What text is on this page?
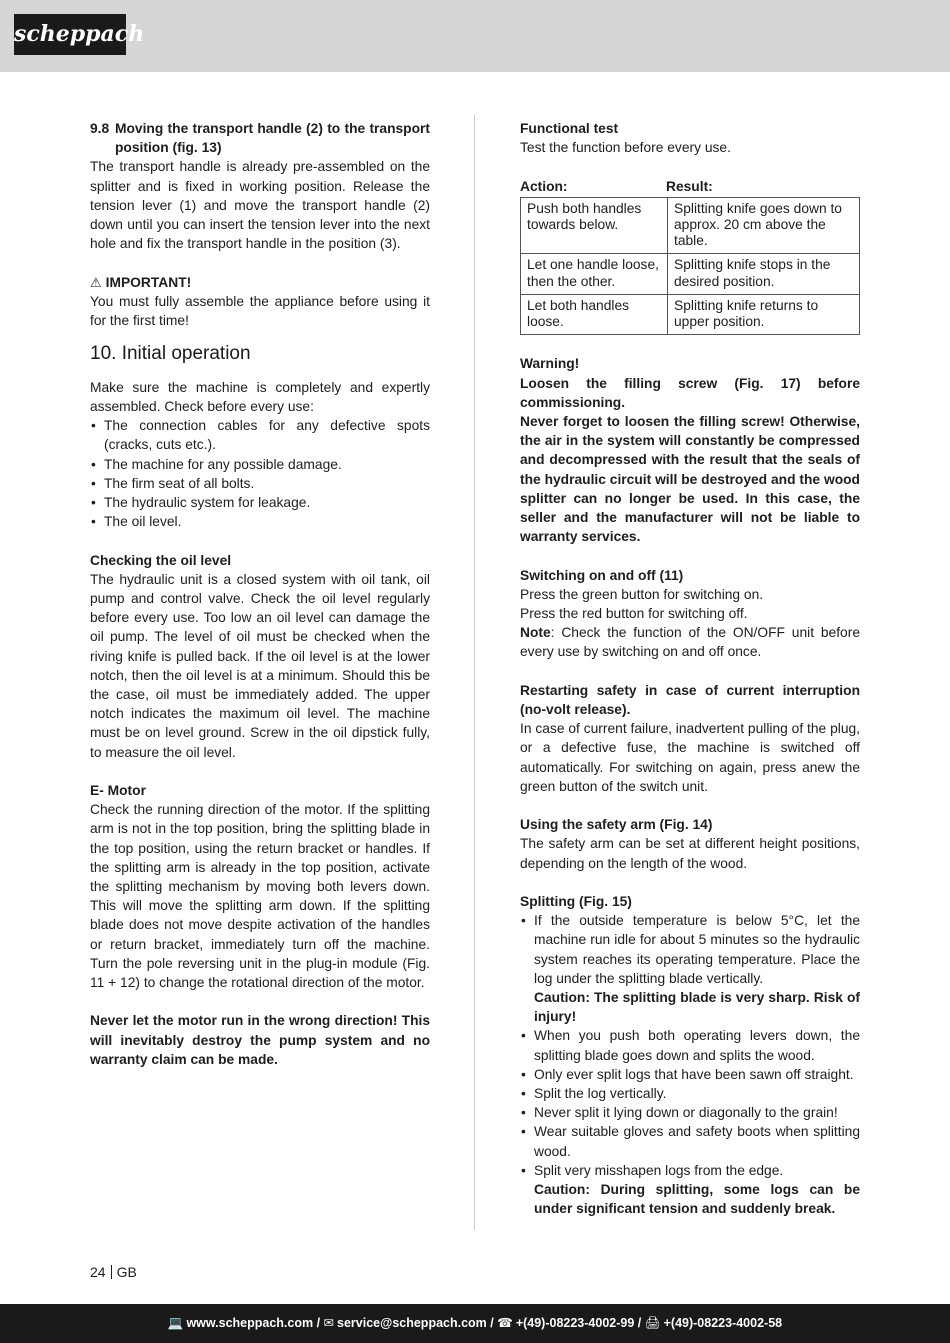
scheppach
9.8 Moving the transport handle (2) to the transport position (fig. 13)

The transport handle is already pre-assembled on the splitter and is fixed in working position. Release the tension lever (1) and move the transport handle (2) down until you can insert the tension lever into the next hole and fix the transport handle in the position (3).

⚠ IMPORTANT!

You must fully assemble the appliance before using it for the first time!

10. Initial operation

Make sure the machine is completely and expertly assembled. Check before every use:

• The connection cables for any defective spots (cracks, cuts etc.).
• The machine for any possible damage.
• The firm seat of all bolts.
• The hydraulic system for leakage.
• The oil level.
Checking the oil level

The hydraulic unit is a closed system with oil tank, oil pump and control valve. Check the oil level regularly before every use. Too low an oil level can damage the oil pump. The level of oil must be checked when the riving knife is pulled back. If the oil level is at the lower notch, then the oil level is at a minimum. Should this be the case, oil must be immediately added. The upper notch indicates the maximum oil level. The machine must be on level ground. Screw in the oil dipstick fully, to measure the oil level.

E- Motor

Check the running direction of the motor. If the splitting arm is not in the top position, bring the splitting blade in the top position, using the return bracket or handles. If the splitting arm is already in the top position, activate the splitting mechanism by moving both levers down. This will move the splitting arm down. If the splitting blade does not move despite activation of the handles or return bracket, immediately turn off the machine. Turn the pole reversing unit in the plug-in module (Fig. 11 + 12) to change the rotational direction of the motor.

Never let the motor run in the wrong direction! This will inevitably destroy the pump system and no warranty claim can be made.

Functional test

Test the function before every use.

Action:	Result:
Push both handles towards below.	Splitting knife goes down to approx. 20 cm above the table.
Let one handle loose, then the other.	Splitting knife stops in the desired position.
Let both handles loose.	Splitting knife returns to upper position.
Warning!

Loosen the filling screw (Fig. 17) before commissioning.

Never forget to loosen the filling screw! Otherwise, the air in the system will constantly be compressed and decompressed with the result that the seals of the hydraulic circuit will be destroyed and the wood splitter can no longer be used. In this case, the seller and the manufacturer will not be liable to warranty services.

Switching on and off (11)

Press the green button for switching on.

Press the red button for switching off.

Note: Check the function of the ON/OFF unit before every use by switching on and off once.

Restarting safety in case of current interruption (no-volt release).

In case of current failure, inadvertent pulling of the plug, or a defective fuse, the machine is switched off automatically. For switching on again, press anew the green button of the switch unit.

Using the safety arm (Fig. 14)

The safety arm can be set at different height positions, depending on the length of the wood.

Splitting (Fig. 15)

• If the outside temperature is below 5°C, let the machine run idle for about 5 minutes so the hydraulic system reaches its operating temperature. Place the log under the splitting blade vertically.

Caution: The splitting blade is very sharp. Risk of injury!

• When you push both operating levers down, the splitting blade goes down and splits the wood.
• Only ever split logs that have been sawn off straight.
• Split the log vertically.
• Never split it lying down or diagonally to the grain!
• Wear suitable gloves and safety boots when splitting wood.

• Split very misshapen logs from the edge.

Caution: During splitting, some logs can be under significant tension and suddenly break.

24 GB
💻 www.scheppach.com / ✉ service@scheppach.com / ☎ +(49)-08223-4002-99 / 🖨 +(49)-08223-4002-58
